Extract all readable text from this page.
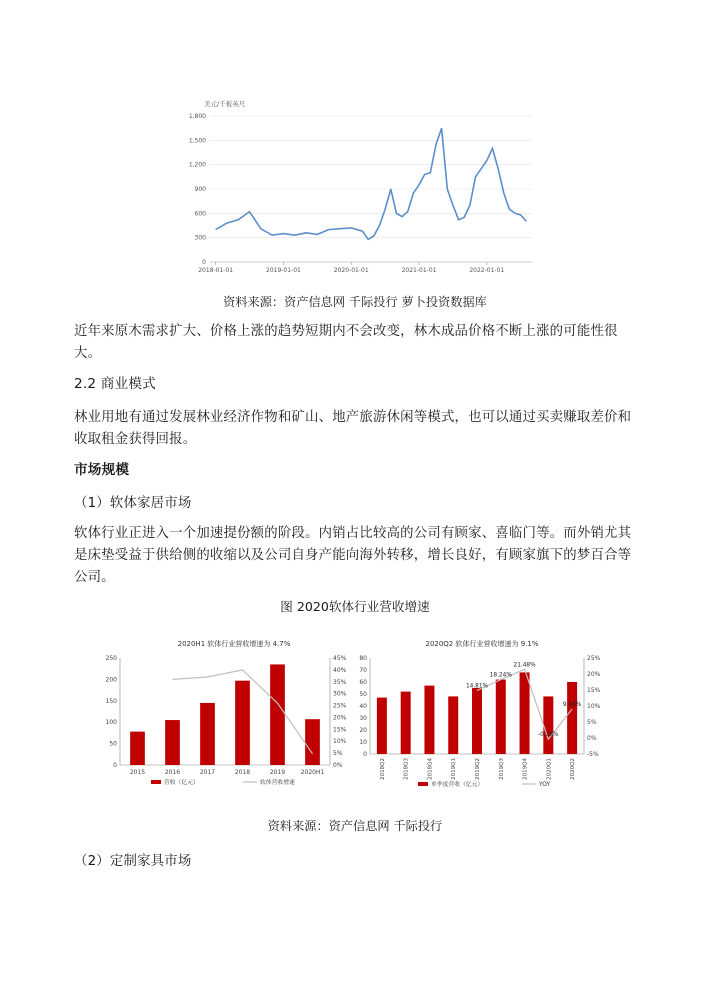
美元/千板英尺
0
300
600
900
1,200
1,500
1,800
2018-01-01	2019-01-01	2020-01-01	2021-01-01	2022-01-01
资料来源：资产信息网 千际投行 萝卜投资数据库
近年来原木需求扩大、价格上涨的趋势短期内不会改变，林木成品价格不断上涨的可能性很大。
2.2 商业模式
林业用地有通过发展林业经济作物和矿山、地产旅游休闲等模式，也可以通过买卖赚取差价和收取租金获得回报。
市场规模
（1）软体家居市场
软体行业正进入一个加速提份额的阶段。内销占比较高的公司有顾家、喜临门等。而外销尤其是床垫受益于供给侧的收缩以及公司自身产能向海外转移，增长良好，有顾家旗下的梦百合等公司。
图 2020软体行业营收增速
2020H1 软体行业营收增速为 4.7%
0
50
100
150
200
250
0%
5%
10%
15%
20%
25%
30%
35%
40%
45%
2015	2016	2017	2018	2019	2020H1
营收（亿元）	软体营收增速
2020Q2 软体行业营收增速为 9.1%
0
10
20
30
40
50
60
70
80
-5%
0%
5%
10%
15%
20%
25%
14.81%
18.24%
21.48%
-0.38%
9.06%
2018Q2	2018Q3	2018Q4	2019Q1	2019Q2	2019Q3	2019Q4	2020Q1	2020Q2
单季度营收（亿元）	YOY
资料来源：资产信息网 千际投行
（2）定制家具市场
